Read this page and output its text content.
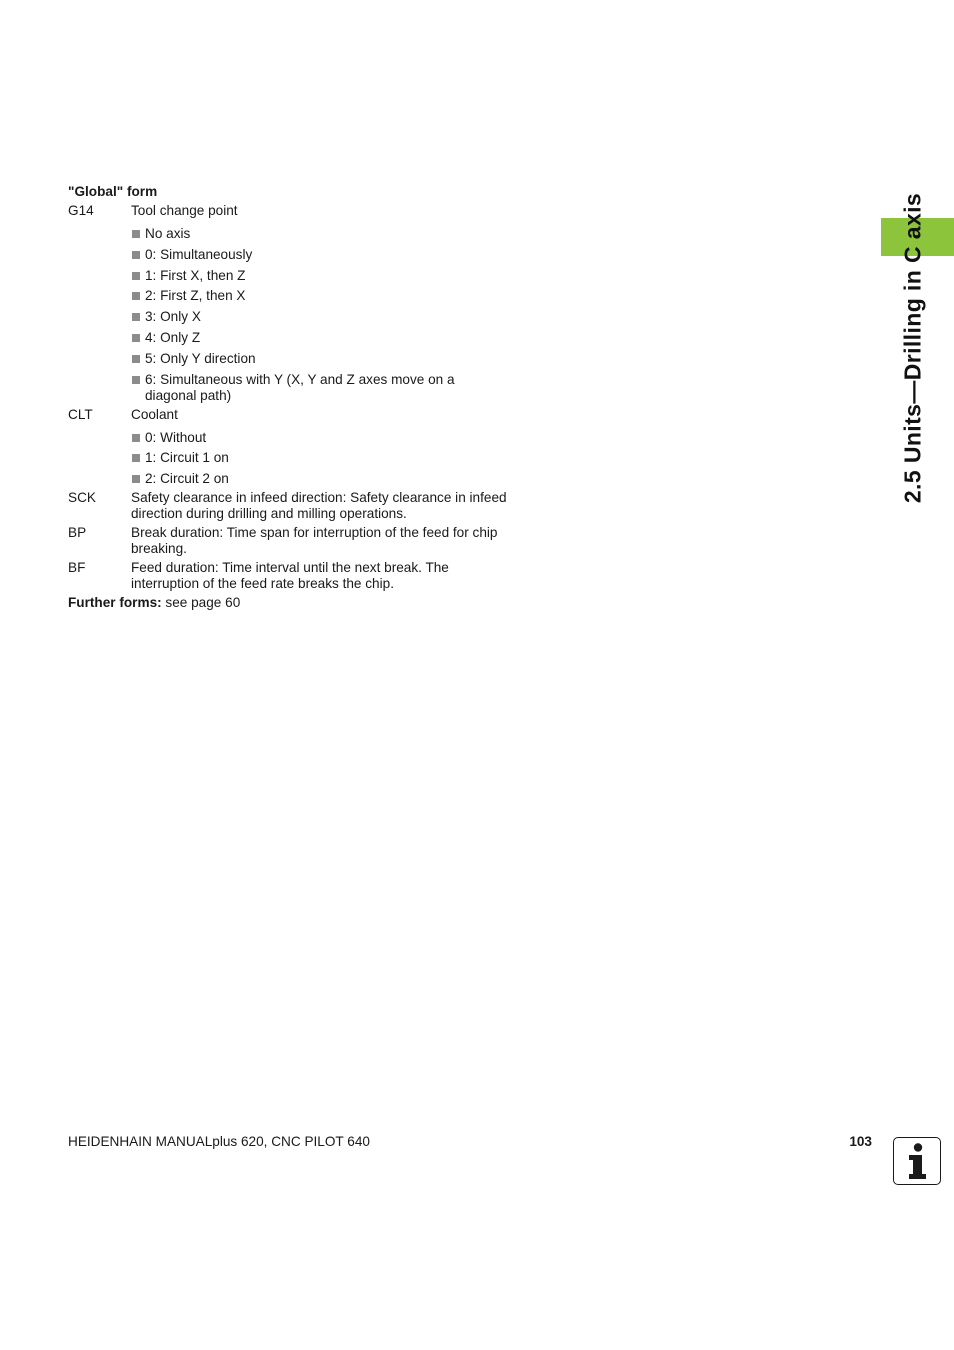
2.5 Units—Drilling in C axis
"Global" form
G14	Tool change point
No axis
0: Simultaneously
1: First X, then Z
2: First Z, then X
3: Only X
4: Only Z
5: Only Y direction
6: Simultaneous with Y (X, Y and Z axes move on a diagonal path)
CLT	Coolant
0: Without
1: Circuit 1 on
2: Circuit 2 on
SCK	Safety clearance in infeed direction: Safety clearance in infeed direction during drilling and milling operations.
BP	Break duration: Time span for interruption of the feed for chip breaking.
BF	Feed duration: Time interval until the next break. The interruption of the feed rate breaks the chip.
Further forms: see page 60
HEIDENHAIN MANUALplus 620, CNC PILOT 640	103
